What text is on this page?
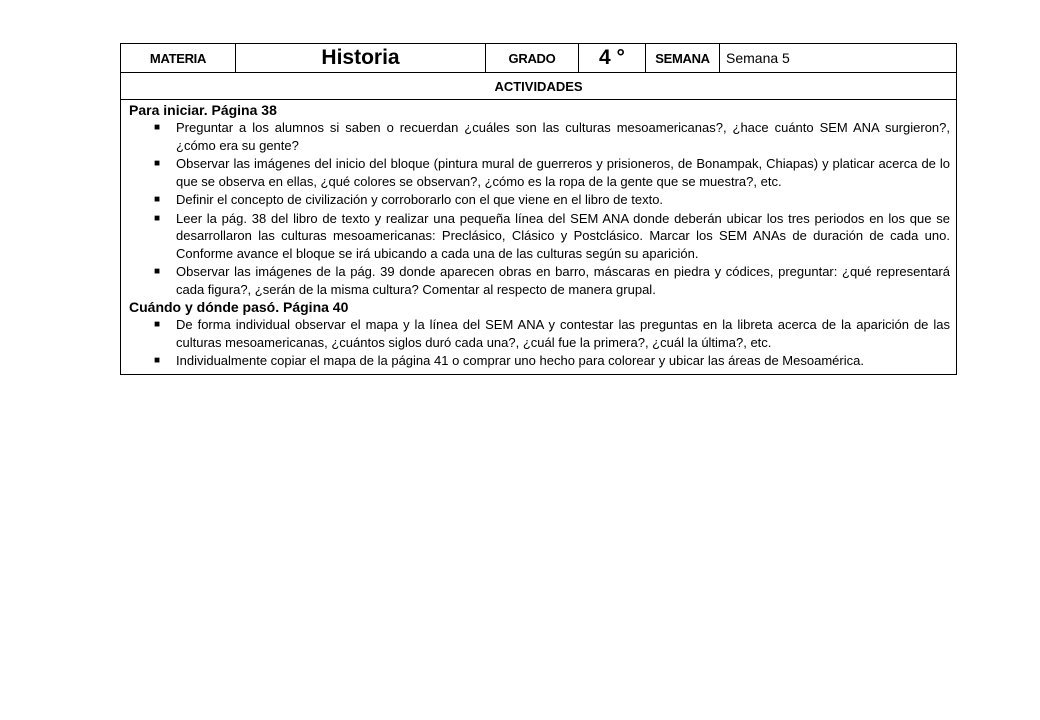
MATERIA	Historia	GRADO	4 °	SEMANA	Semana 5
ACTIVIDADES

Para iniciar. Página 38
■ Preguntar a los alumnos si saben o recuerdan ¿cuáles son las culturas mesoamericanas?, ¿hace cuánto SEM ANA surgieron?, ¿cómo era su gente?
■ Observar las imágenes del inicio del bloque (pintura mural de guerreros y prisioneros, de Bonampak, Chiapas) y platicar acerca de lo que se observa en ellas, ¿qué colores se observan?, ¿cómo es la ropa de la gente que se muestra?, etc.
■ Definir el concepto de civilización y corroborarlo con el que viene en el libro de texto.
■ Leer la pág. 38 del libro de texto y realizar una pequeña línea del SEM ANA donde deberán ubicar los tres periodos en los que se desarrollaron las culturas mesoamericanas: Preclásico, Clásico y Postclásico. Marcar los SEM ANAs de duración de cada uno. Conforme avance el bloque se irá ubicando a cada una de las culturas según su aparición.
■ Observar las imágenes de la pág. 39 donde aparecen obras en barro, máscaras en piedra y códices, preguntar: ¿qué representará cada figura?, ¿serán de la misma cultura? Comentar al respecto de manera grupal.
Cuándo y dónde pasó. Página 40
■ De forma individual observar el mapa y la línea del SEM ANA y contestar las preguntas en la libreta acerca de la aparición de las culturas mesoamericanas, ¿cuántos siglos duró cada una?, ¿cuál fue la primera?, ¿cuál la última?, etc.
■ Individualmente copiar el mapa de la página 41 o comprar uno hecho para colorear y ubicar las áreas de Mesoamérica.
